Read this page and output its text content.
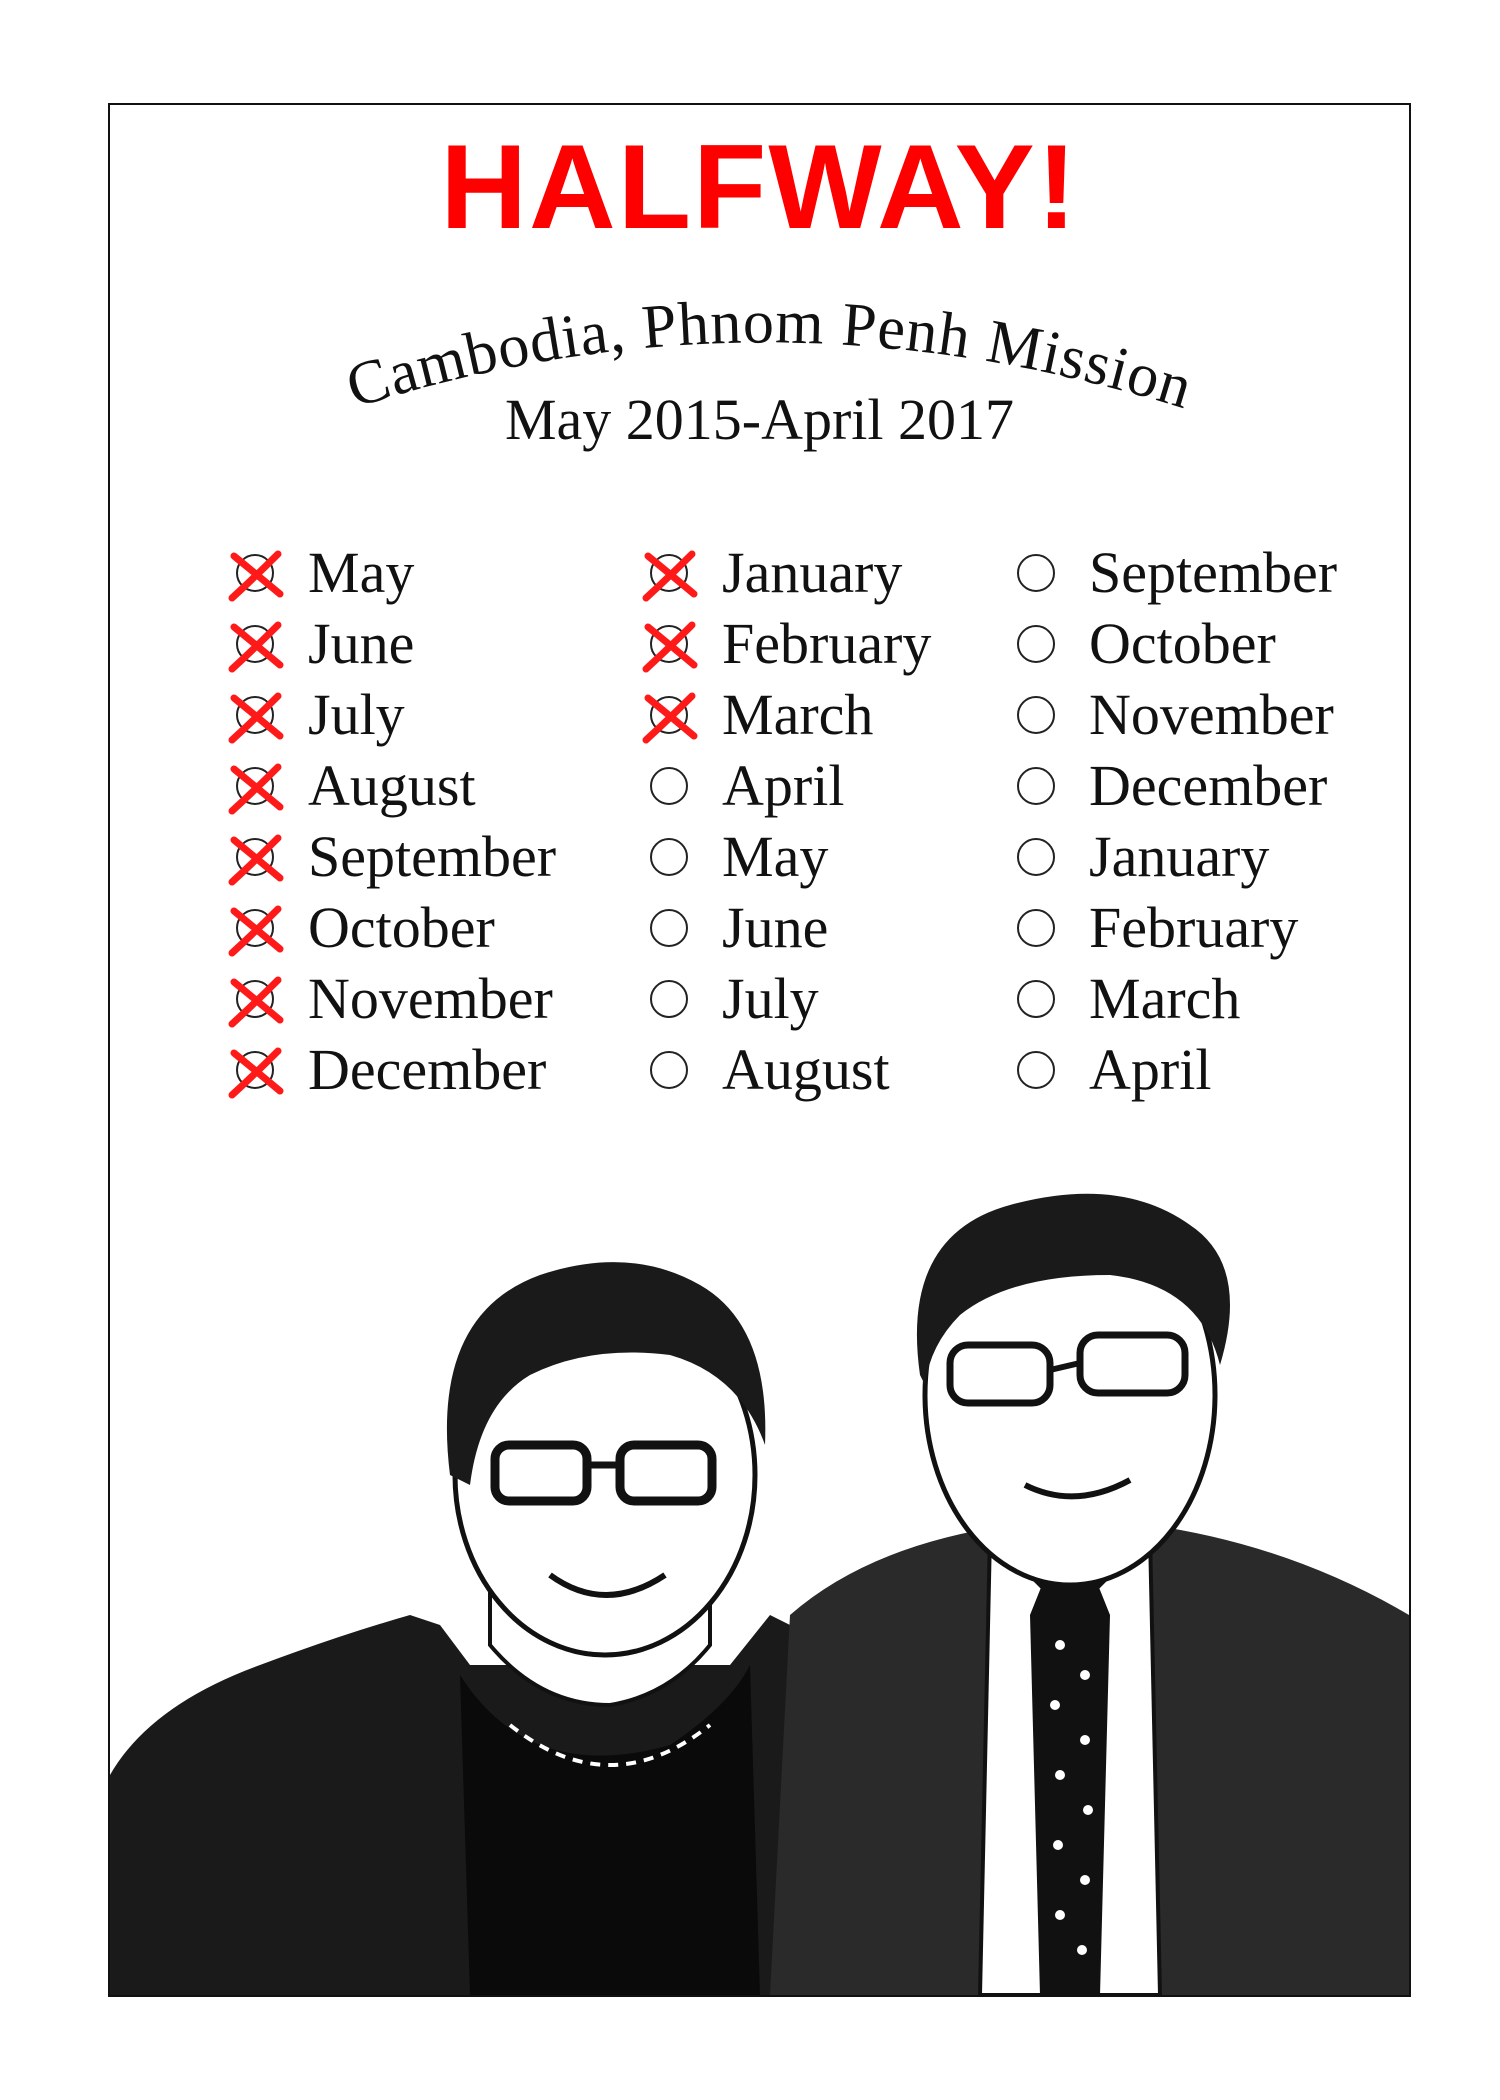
HALFWAY!
Cambodia, Phnom Penh Mission
May 2015-April 2017
May
June
July
August
September
October
November
December
January
February
March
April
May
June
July
August
September
October
November
December
January
February
March
April
